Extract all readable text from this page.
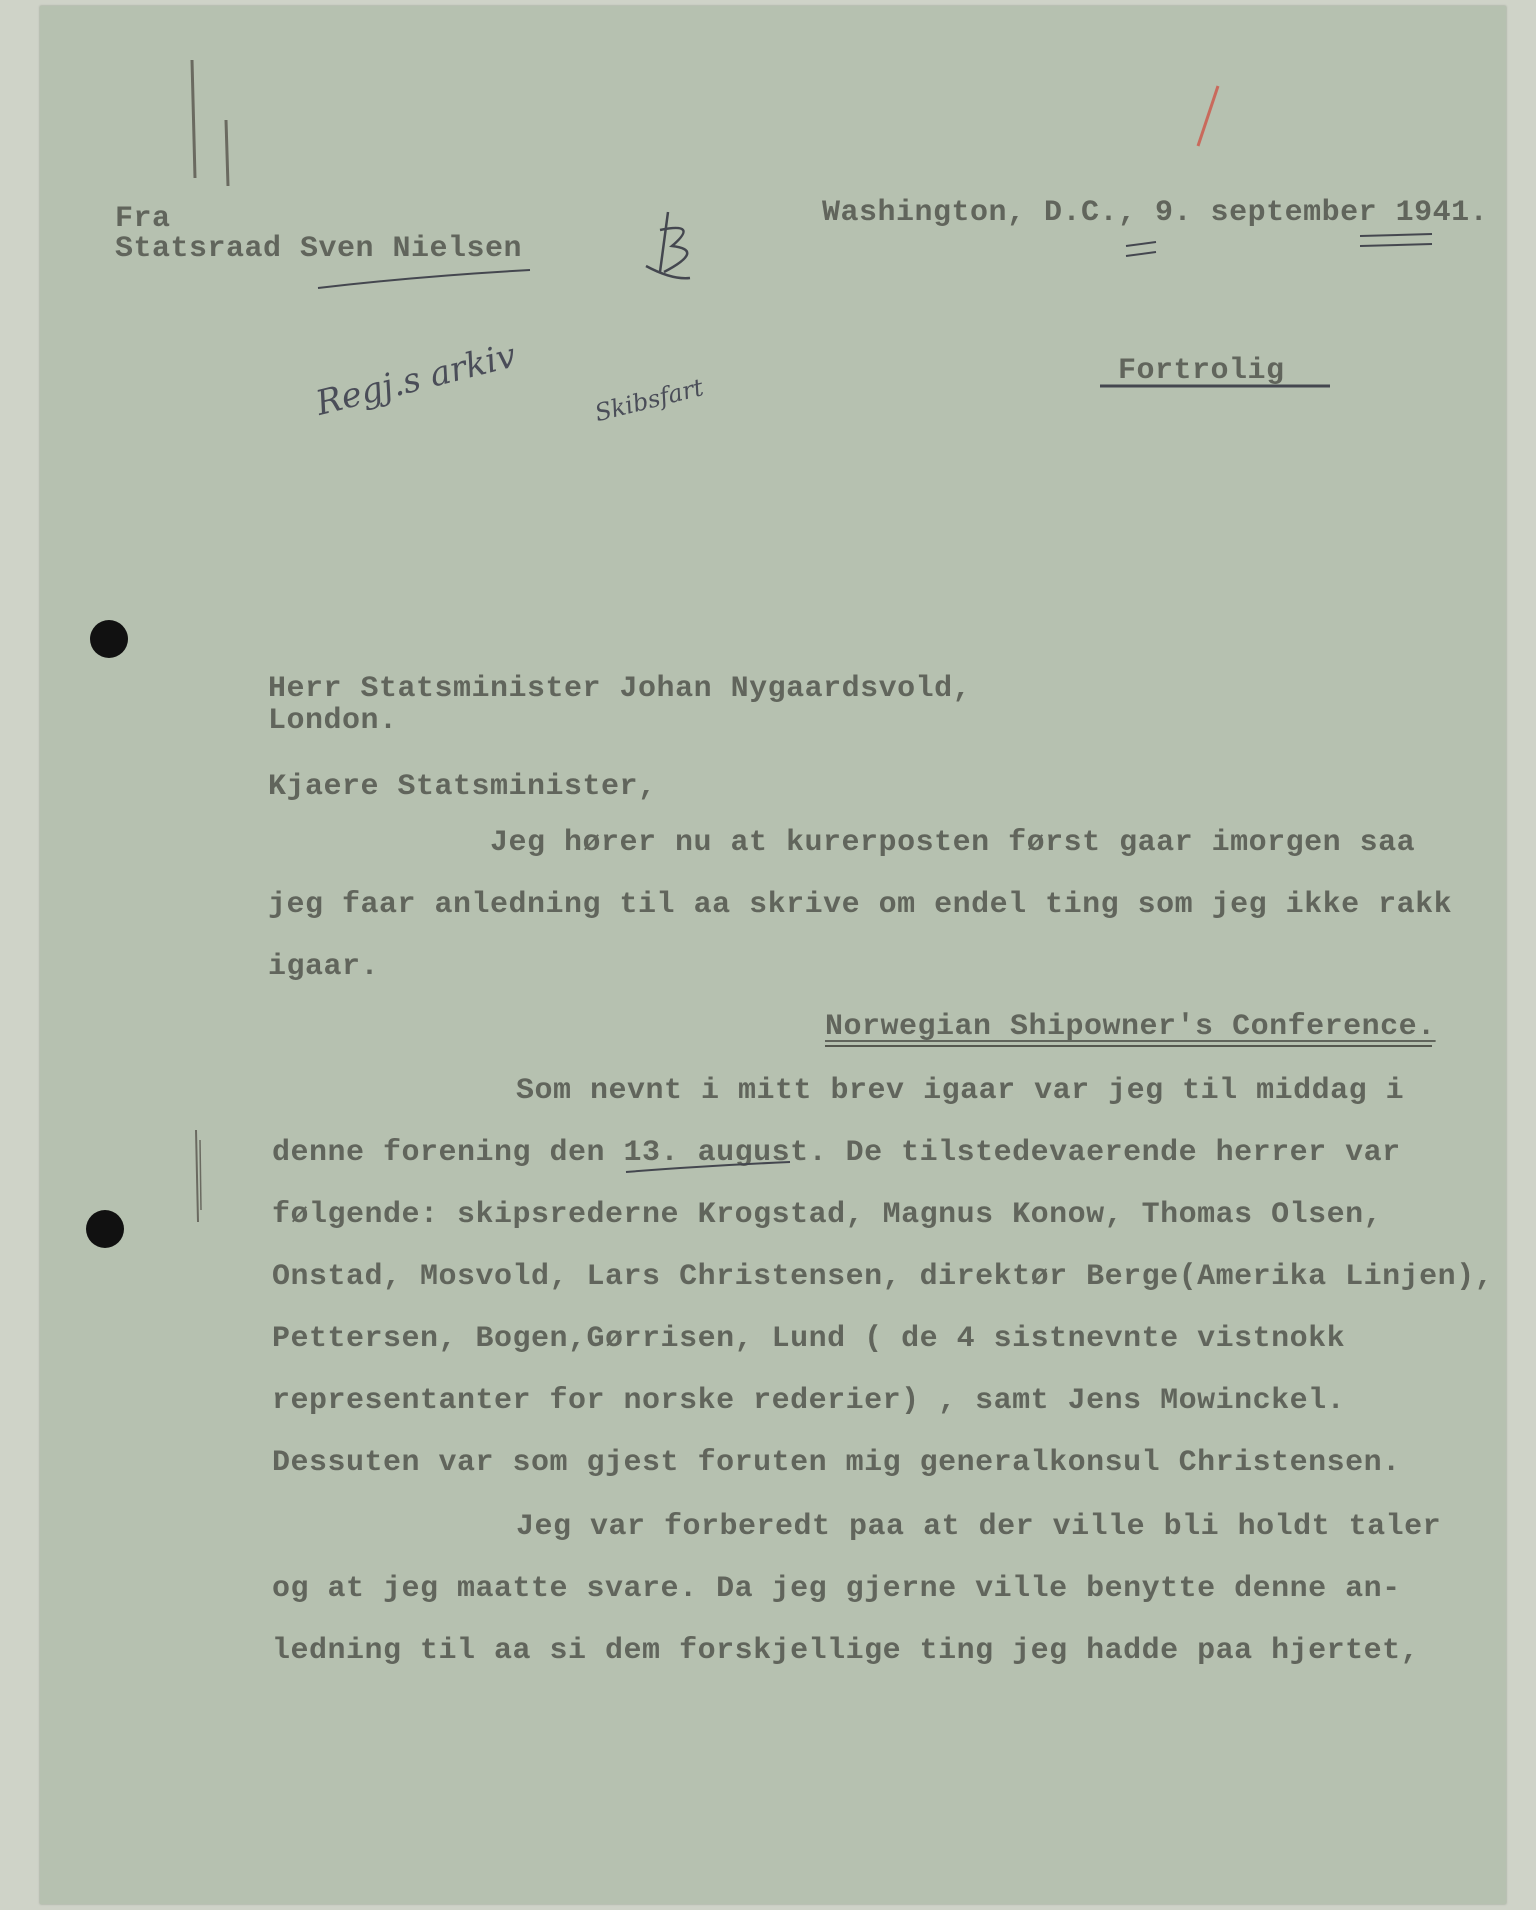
Fra
Statsraad Sven Nielsen
Washington, D.C., 9. september 1941.
Fortrolig
Regj.s arkiv	Skibsfart
Herr Statsminister Johan Nygaardsvold,
London.
Kjaere Statsminister,
Jeg hører nu at kurerposten først gaar imorgen saa
jeg faar anledning til aa skrive om endel ting som jeg ikke rakk
igaar.
Norwegian Shipowner's Conference.
Som nevnt i mitt brev igaar var jeg til middag i
denne forening den 13. august. De tilstedevaerende herrer var
følgende: skipsrederne Krogstad, Magnus Konow, Thomas Olsen,
Onstad, Mosvold, Lars Christensen, direktør Berge(Amerika Linjen),
Pettersen, Bogen,Gørrisen, Lund ( de 4 sistnevnte vistnokk
representanter for norske rederier) , samt Jens Mowinckel.
Dessuten var som gjest foruten mig generalkonsul Christensen.
Jeg var forberedt paa at der ville bli holdt taler
og at jeg maatte svare. Da jeg gjerne ville benytte denne an-
ledning til aa si dem forskjellige ting jeg hadde paa hjertet,
